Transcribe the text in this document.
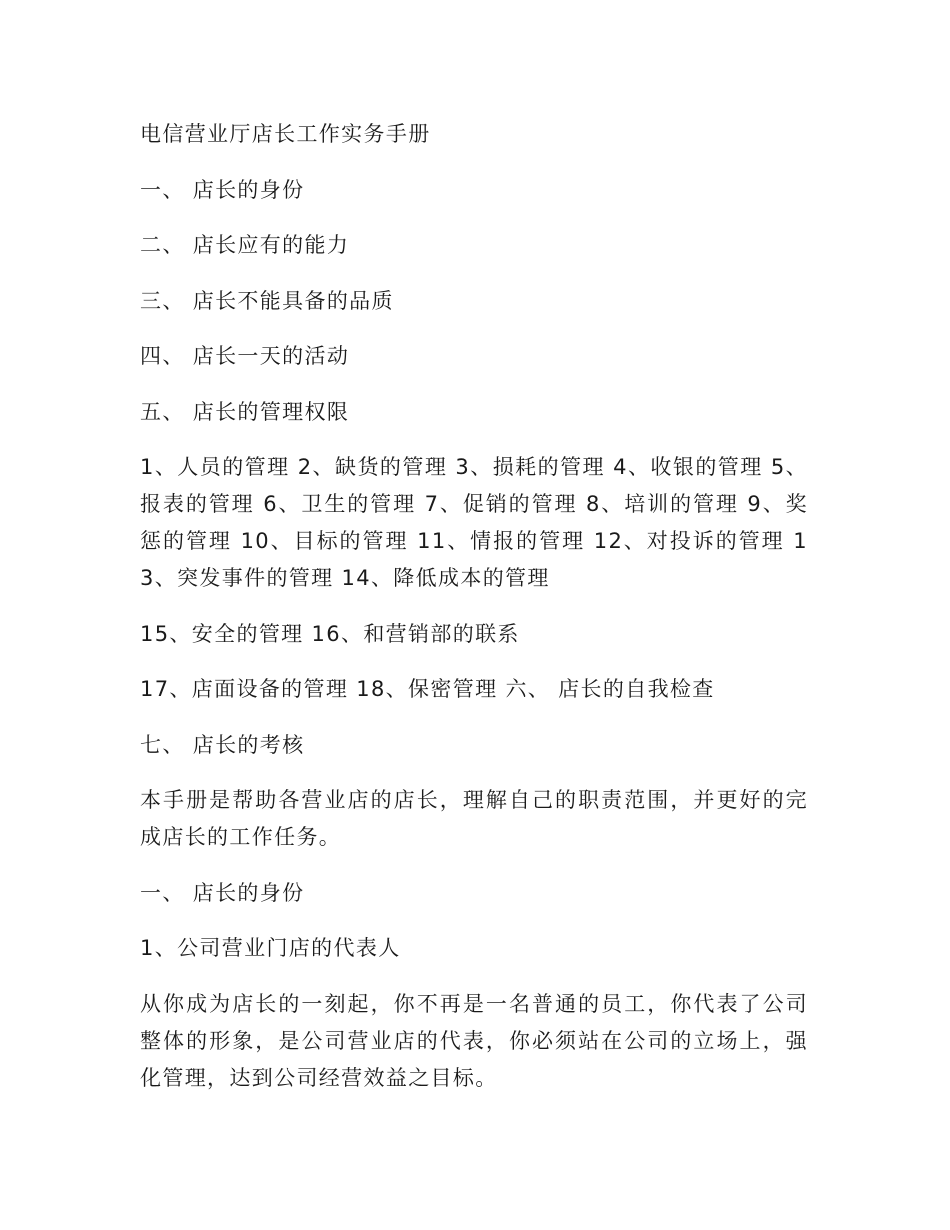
电信营业厅店长工作实务手册

一、 店长的身份

二、 店长应有的能力

三、 店长不能具备的品质

四、 店长一天的活动

五、 店长的管理权限

1、人员的管理 2、缺货的管理 3、损耗的管理 4、收银的管理 5、报表的管理 6、卫生的管理 7、促销的管理 8、培训的管理 9、奖惩的管理 10、目标的管理 11、情报的管理 12、对投诉的管理 13、突发事件的管理 14、降低成本的管理

15、安全的管理 16、和营销部的联系

17、店面设备的管理 18、保密管理 六、 店长的自我检查

七、 店长的考核

本手册是帮助各营业店的店长，理解自己的职责范围，并更好的完成店长的工作任务。

一、 店长的身份

1、公司营业门店的代表人

从你成为店长的一刻起，你不再是一名普通的员工，你代表了公司整体的形象，是公司营业店的代表，你必须站在公司的立场上，强化管理，达到公司经营效益之目标。
